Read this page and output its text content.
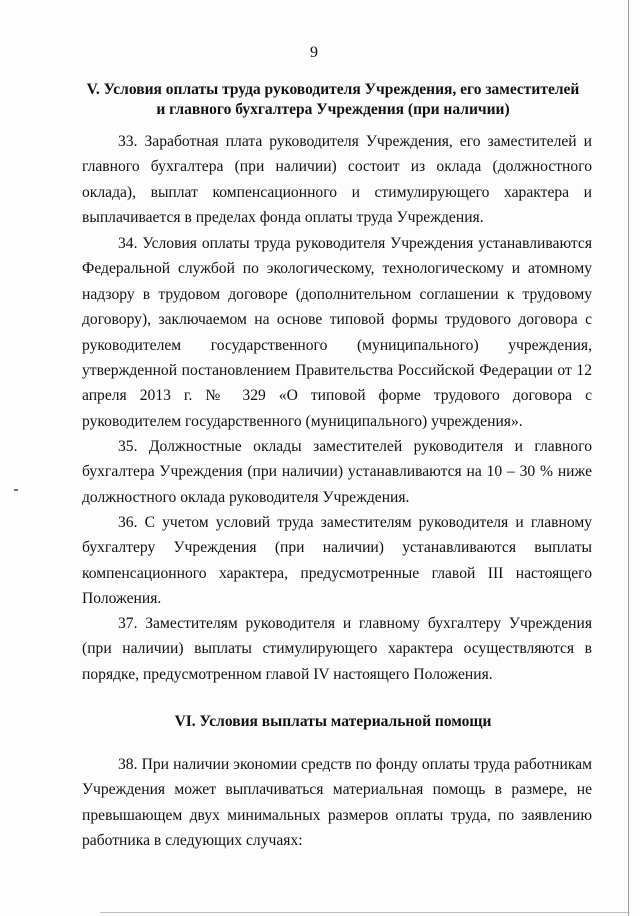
9
V. Условия оплаты труда руководителя Учреждения, его заместителей
и главного бухгалтера Учреждения (при наличии)

33. Заработная плата руководителя Учреждения, его заместителей и главного бухгалтера (при наличии) состоит из оклада (должностного оклада), выплат компенсационного и стимулирующего характера и выплачивается в пределах фонда оплаты труда Учреждения.

34. Условия оплаты труда руководителя Учреждения устанавливаются Федеральной службой по экологическому, технологическому и атомному надзору в трудовом договоре (дополнительном соглашении к трудовому договору), заключаемом на основе типовой формы трудового договора с руководителем государственного (муниципального) учреждения, утвержденной постановлением Правительства Российской Федерации от 12 апреля 2013 г. № 329 «О типовой форме трудового договора с руководителем государственного (муниципального) учреждения».

35. Должностные оклады заместителей руководителя и главного бухгалтера Учреждения (при наличии) устанавливаются на 10 – 30 % ниже должностного оклада руководителя Учреждения.

36. С учетом условий труда заместителям руководителя и главному бухгалтеру Учреждения (при наличии) устанавливаются выплаты компенсационного характера, предусмотренные главой III настоящего Положения.

37. Заместителям руководителя и главному бухгалтеру Учреждения (при наличии) выплаты стимулирующего характера осуществляются в порядке, предусмотренном главой IV настоящего Положения.

VI. Условия выплаты материальной помощи

38. При наличии экономии средств по фонду оплаты труда работникам Учреждения может выплачиваться материальная помощь в размере, не превышающем двух минимальных размеров оплаты труда, по заявлению работника в следующих случаях:
